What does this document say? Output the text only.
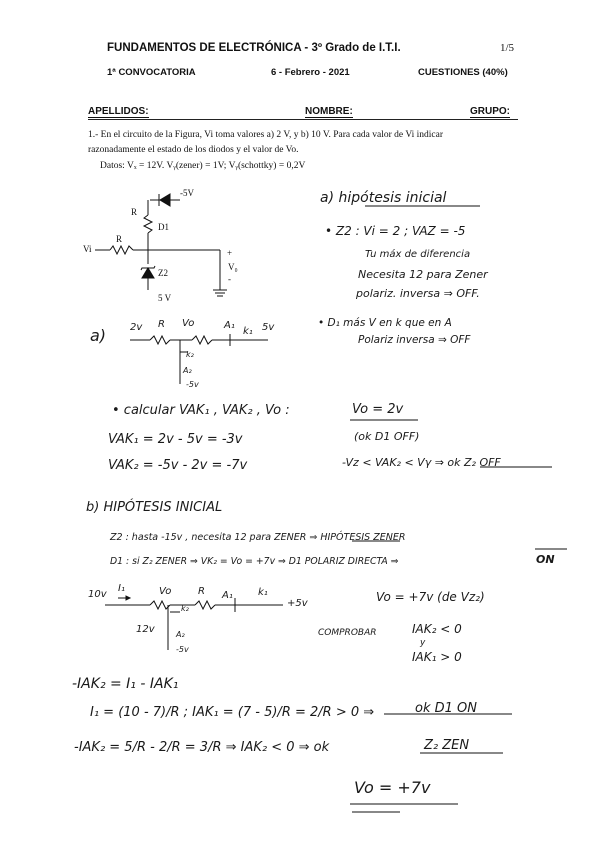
FUNDAMENTOS DE ELECTRÓNICA - 3º Grado de I.T.I.	1/5
1ª CONVOCATORIA	6 - Febrero - 2021	CUESTIONES (40%)
APELLIDOS:	NOMBRE:	GRUPO:
1.- En el circuito de la Figura, Vi toma valores a) 2 V, y b) 10 V. Para cada valor de Vi indicar
razonadamente el estado de los diodos y el valor de Vo.
Datos: Vₓ = 12V. Vᵧ(zener) = 1V; Vᵧ(schottky) = 0,2V
-5V
R
D1
R
Vi	+
V₀
-
Z2
5 V
a) hipótesis inicial
• Z2 : Vi = 2 ; VAZ = -5
Tu máx de diferencia
Necesita 12 para Zener
polariz. inversa ⇒ OFF.
a) 2v R Vo	A₁
k₁ 5v
k₂
A₂
-5v
• D₁ más V en k que en A
Polariz inversa ⇒ OFF
• calcular VAK₁ , VAK₂ , Vo :	Vo = 2v
VAK₁ = 2v - 5v = -3v	(ok D1 OFF)
VAK₂ = -5v - 2v = -7v	-Vz < VAK₂ < Vγ ⇒ ok Z₂ OFF
b) HIPÓTESIS INICIAL
Z2 : hasta -15v , necesita 12 para ZENER ⇒ HIPÓTESIS ZENER
D1 : si Z₂ ZENER ⇒ VK₂ = Vo = +7v ⇒ D1 POLARIZ DIRECTA ⇒	ON
10v
I₁	Vo	R A₁	k₁
+5v
k₂
12v	A₂
-5v
Vo = +7v (de Vz₂)
COMPROBAR	IAK₂ < 0
y
IAK₁ > 0
-IAK₂ = I₁ - IAK₁
I₁ = (10 - 7)/R ; IAK₁ = (7 - 5)/R = 2/R > 0 ⇒	ok D1 ON
-IAK₂ = 5/R - 2/R = 3/R ⇒ IAK₂ < 0 ⇒ ok	Z₂ ZEN
Vo = +7v
